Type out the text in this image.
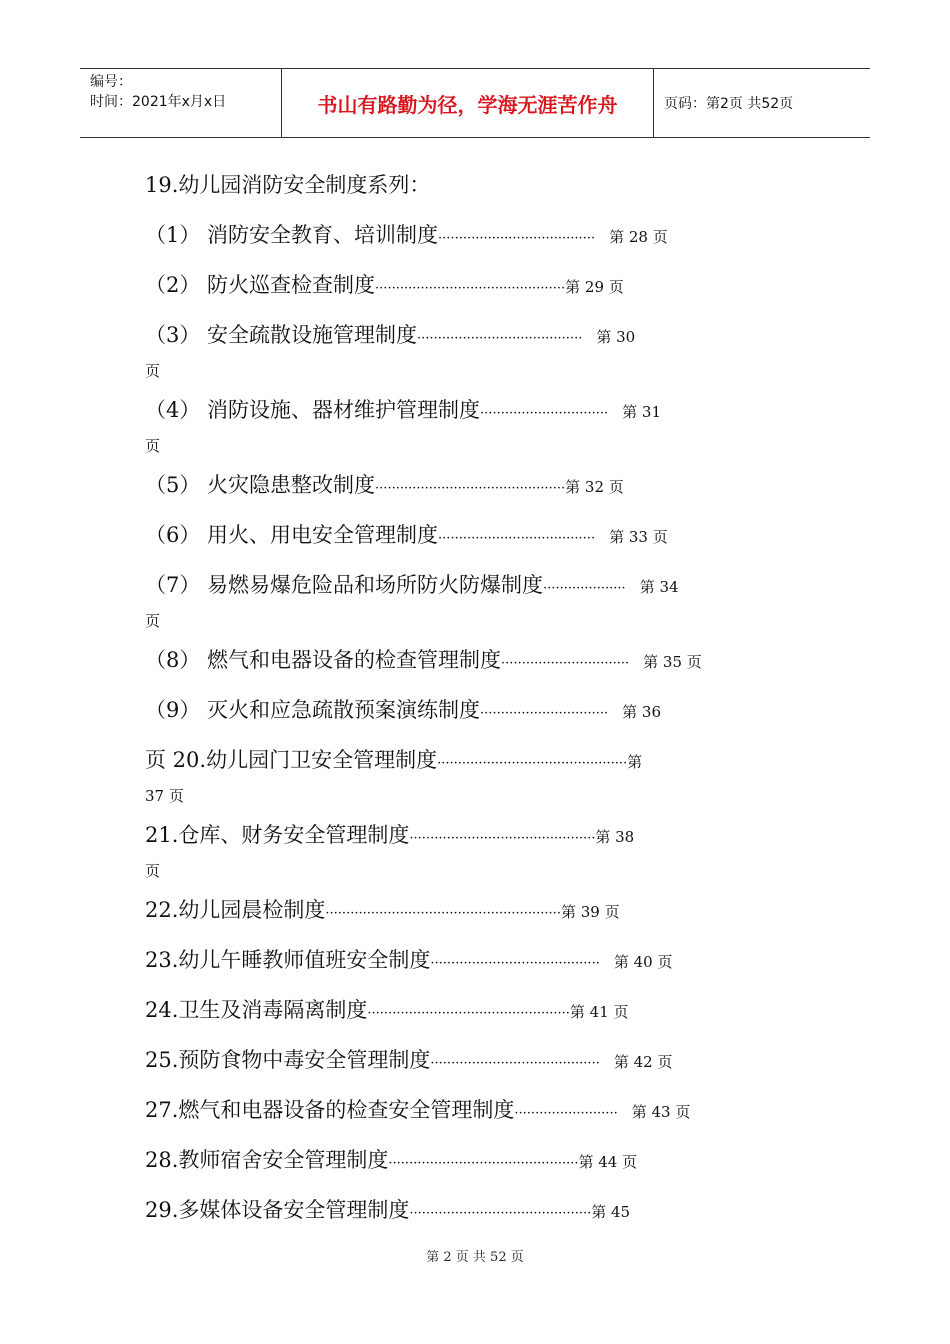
编号：
时间：2021年x月x日	书山有路勤为径，学海无涯苦作舟	页码：第2页 共52页
19.幼儿园消防安全制度系列：
（1） 消防安全教育、培训制度······································ 第 28 页
（2） 防火巡查检查制度··············································第 29 页
（3） 安全疏散设施管理制度········································ 第 30
页
（4） 消防设施、器材维护管理制度······························· 第 31
页
（5） 火灾隐患整改制度··············································第 32 页
（6） 用火、用电安全管理制度······································ 第 33 页
（7） 易燃易爆危险品和场所防火防爆制度···················· 第 34
页
（8） 燃气和电器设备的检查管理制度······························· 第 35 页
（9） 灭火和应急疏散预案演练制度······························· 第 36
页 20.幼儿园门卫安全管理制度··············································第
37 页
21.仓库、财务安全管理制度·············································第 38
页
22.幼儿园晨检制度·························································第 39 页
23.幼儿午睡教师值班安全制度········································· 第 40 页
24.卫生及消毒隔离制度·················································第 41 页
25.预防食物中毒安全管理制度········································· 第 42 页
27.燃气和电器设备的检查安全管理制度························· 第 43 页
28.教师宿舍安全管理制度··············································第 44 页
29.多媒体设备安全管理制度············································第 45
第 2 页 共 52 页
